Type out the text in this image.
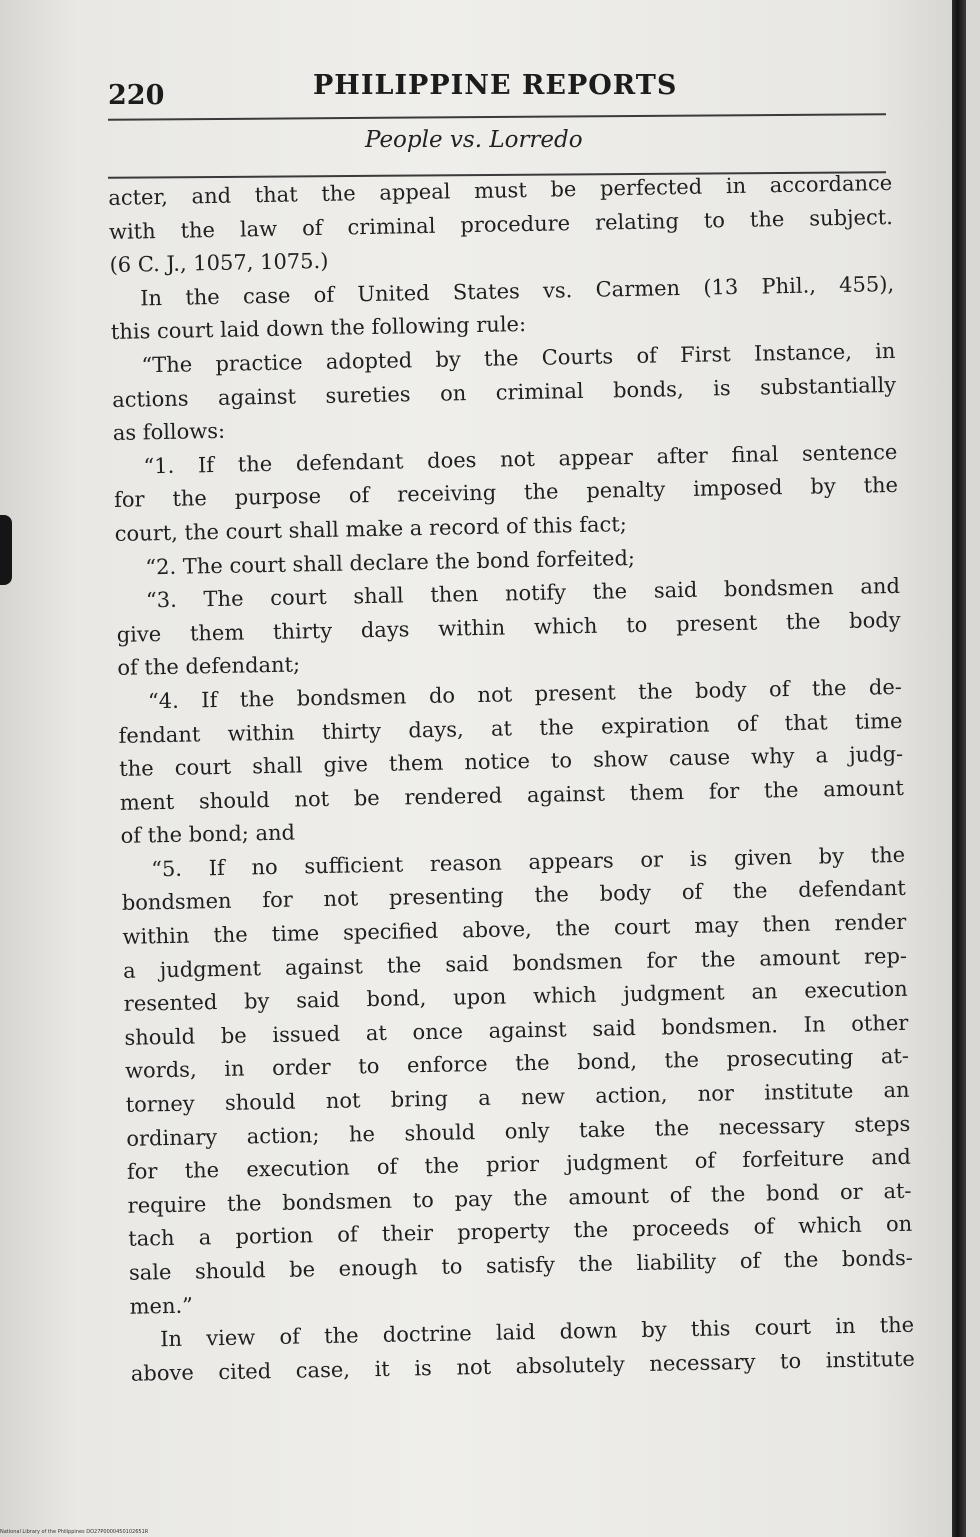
220	PHILIPPINE REPORTS
People vs. Lorredo
acter, and that the appeal must be perfected in accordance
with the law of criminal procedure relating to the subject.
(6 C. J., 1057, 1075.)
In the case of United States vs. Carmen (13 Phil., 455),
this court laid down the following rule:
“The practice adopted by the Courts of First Instance, in
actions against sureties on criminal bonds, is substantially
as follows:
“1. If the defendant does not appear after final sentence
for the purpose of receiving the penalty imposed by the
court, the court shall make a record of this fact;
“2. The court shall declare the bond forfeited;
“3. The court shall then notify the said bondsmen and
give them thirty days within which to present the body
of the defendant;
“4. If the bondsmen do not present the body of the de-
fendant within thirty days, at the expiration of that time
the court shall give them notice to show cause why a judg-
ment should not be rendered against them for the amount
of the bond; and
“5. If no sufficient reason appears or is given by the
bondsmen for not presenting the body of the defendant
within the time specified above, the court may then render
a judgment against the said bondsmen for the amount rep-
resented by said bond, upon which judgment an execution
should be issued at once against said bondsmen. In other
words, in order to enforce the bond, the prosecuting at-
torney should not bring a new action, nor institute an
ordinary action; he should only take the necessary steps
for the execution of the prior judgment of forfeiture and
require the bondsmen to pay the amount of the bond or at-
tach a portion of their property the proceeds of which on
sale should be enough to satisfy the liability of the bonds-
men.”
In view of the doctrine laid down by this court in the
above cited case, it is not absolutely necessary to institute
National Library of the Philippines DO27P0000450102651R
